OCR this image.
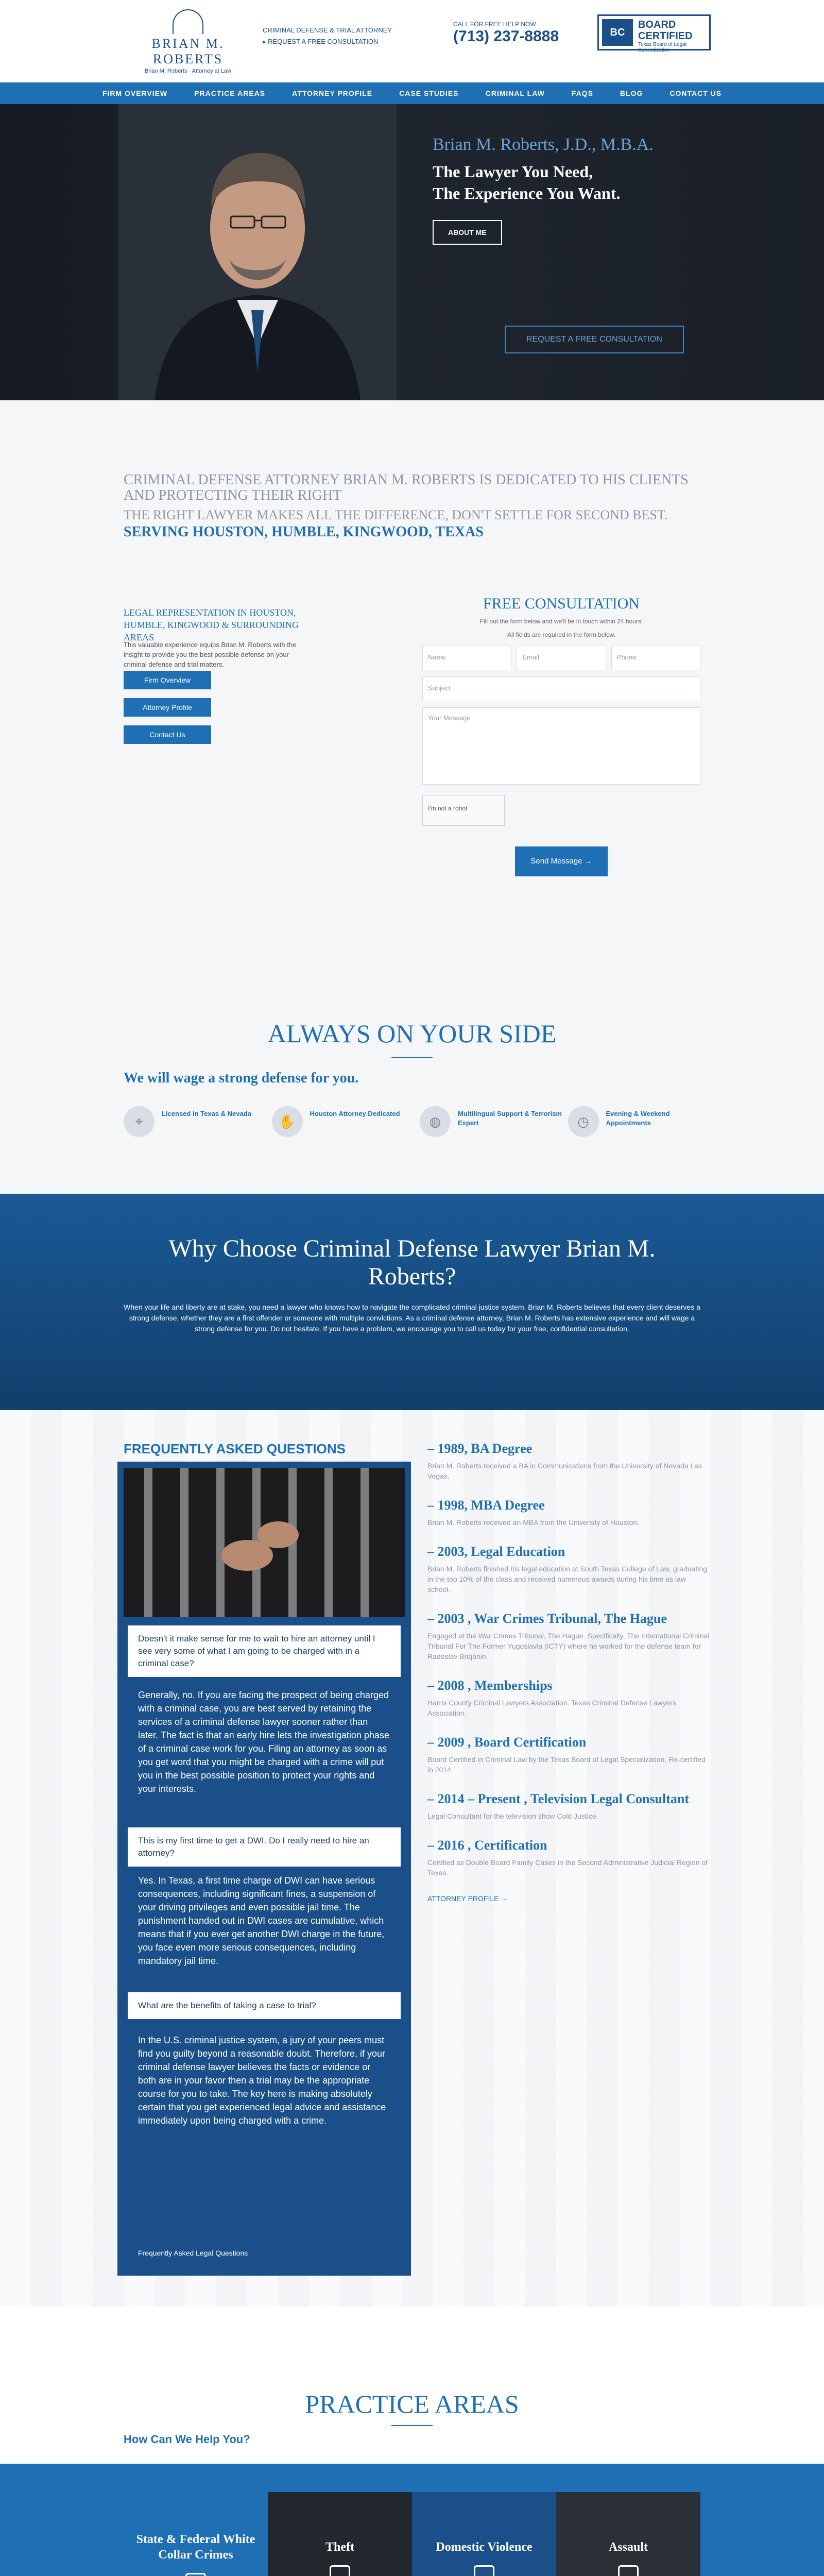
BRIAN M. ROBERTS
Brian M. Roberts · Attorney at Law
CRIMINAL DEFENSE & TRIAL ATTORNEY
▸ REQUEST A FREE CONSULTATION
CALL FOR FREE HELP NOW
(713) 237-8888	BC
BOARD
CERTIFIED
Texas Board of Legal Specialization
FIRM OVERVIEW	PRACTICE AREAS	ATTORNEY PROFILE	CASE STUDIES	CRIMINAL LAW	FAQS	BLOG	CONTACT US
Brian M. Roberts, J.D., M.B.A.
The Lawyer You Need,
The Experience You Want.
ABOUT ME
REQUEST A FREE CONSULTATION
CRIMINAL DEFENSE ATTORNEY BRIAN M. ROBERTS IS DEDICATED TO HIS CLIENTS AND PROTECTING THEIR RIGHT
THE RIGHT LAWYER MAKES ALL THE DIFFERENCE, DON'T SETTLE FOR SECOND BEST.
SERVING HOUSTON, HUMBLE, KINGWOOD, TEXAS
LEGAL REPRESENTATION IN HOUSTON, HUMBLE, KINGWOOD & SURROUNDING AREAS
This valuable experience equips Brian M. Roberts with the insight to provide you the best possible defense on your criminal defense and trial matters.
Firm Overview
Attorney Profile
Contact Us
FREE CONSULTATION
Fill out the form below and we'll be in touch within 24 hours!
All fields are required in the form below.
Name	Email	Phone
Subject
Your Message
I'm not a robot
Send Message →
ALWAYS ON YOUR SIDE
We will wage a strong defense for you.
⌖	Licensed in Texas & Nevada	✋	Houston Attorney Dedicated	◍	Multilingual Support & Terrorism Expert	◷	Evening & Weekend Appointments
Why Choose Criminal Defense Lawyer Brian M. Roberts?

When your life and liberty are at stake, you need a lawyer who knows how to navigate the complicated criminal justice system. Brian M. Roberts believes that every client deserves a strong defense, whether they are a first offender or someone with multiple convictions. As a criminal defense attorney, Brian M. Roberts has extensive experience and will wage a strong defense for you. Do not hesitate. If you have a problem, we encourage you to call us today for your free, confidential consultation.

FREQUENTLY ASKED QUESTIONS
Doesn't it make sense for me to wait to hire an attorney until I see very some of what I am going to be charged with in a criminal case?
Generally, no. If you are facing the prospect of being charged with a criminal case, you are best served by retaining the services of a criminal defense lawyer sooner rather than later. The fact is that an early hire lets the investigation phase of a criminal case work for you. Filing an attorney as soon as you get word that you might be charged with a crime will put you in the best possible position to protect your rights and your interests.
This is my first time to get a DWI. Do I really need to hire an attorney?
Yes. In Texas, a first time charge of DWI can have serious consequences, including significant fines, a suspension of your driving privileges and even possible jail time. The punishment handed out in DWI cases are cumulative, which means that if you ever get another DWI charge in the future, you face even more serious consequences, including mandatory jail time.
What are the benefits of taking a case to trial?
In the U.S. criminal justice system, a jury of your peers must find you guilty beyond a reasonable doubt. Therefore, if your criminal defense lawyer believes the facts or evidence or both are in your favor then a trial may be the appropriate course for you to take. The key here is making absolutely certain that you get experienced legal advice and assistance immediately upon being charged with a crime.
Frequently Asked Legal Questions
– 1989, BA Degree

Brian M. Roberts received a BA in Communications from the University of Nevada Las Vegas.

– 1998, MBA Degree

Brian M. Roberts received an MBA from the University of Houston.

– 2003, Legal Education

Brian M. Roberts finished his legal education at South Texas College of Law, graduating in the top 10% of the class and received numerous awards during his time as law school.

– 2003 , War Crimes Tribunal, The Hague

Engaged at the War Crimes Tribunal, The Hague. Specifically, The International Criminal Tribunal For The Former Yugoslavia (ICTY) where he worked for the defense team for Radoslav Brdjanin.

– 2008 , Memberships

Harris County Criminal Lawyers Association. Texas Criminal Defense Lawyers Association.

– 2009 , Board Certification

Board Certified in Criminal Law by the Texas Board of Legal Specialization. Re-certified in 2014.

– 2014 – Present , Television Legal Consultant

Legal Consultant for the television show Cold Justice.

– 2016 , Certification

Certified as Double Board Family Cases in the Second Administrative Judicial Region of Texas.

ATTORNEY PROFILE →
PRACTICE AREAS
How Can We Help You?
State & Federal White Collar Crimes
Theft	Domestic Violence	Assault
